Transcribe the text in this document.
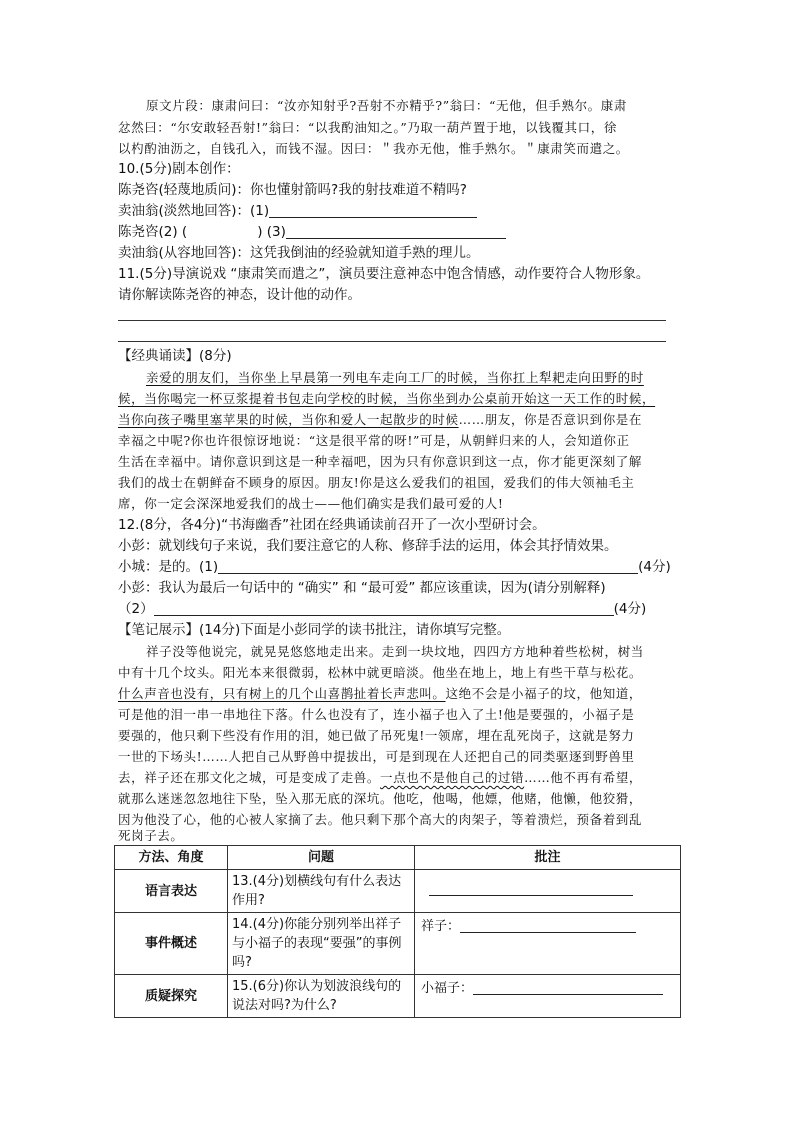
原文片段：康肃问曰：“汝亦知射乎?吾射不亦精乎?”翁曰：“无他，但手熟尔。康肃
忿然曰：“尔安敢轻吾射!”翁曰：“以我酌油知之。”乃取一葫芦置于地，以钱覆其口，徐
以杓酌油沥之，自钱孔入，而钱不湿。因曰：＂我亦无他，惟手熟尔。＂康肃笑而遣之。
10.(5分)剧本创作：
陈尧咨(轻蔑地质问)：你也懂射箭吗?我的射技难道不精吗?
卖油翁(淡然地回答)：(1)
陈尧咨(2) (	) (3)
卖油翁(从容地回答)：这凭我倒油的经验就知道手熟的理儿。
11.(5分)导演说戏 “康肃笑而遣之”，演员要注意神态中饱含情感，动作要符合人物形象。
请你解读陈尧咨的神态，设计他的动作。
【经典诵读】(8分)
亲爱的朋友们，当你坐上早晨第一列电车走向工厂的时候，当你扛上犁耙走向田野的时
候，当你喝完一杯豆浆提着书包走向学校的时候，当你坐到办公桌前开始这一天工作的时候，
当你向孩子嘴里塞苹果的时候，当你和爱人一起散步的时候……朋友，你是否意识到你是在
幸福之中呢?你也许很惊讶地说：“这是很平常的呀!”可是，从朝鲜归来的人，会知道你正
生活在幸福中。请你意识到这是一种幸福吧，因为只有你意识到这一点，你才能更深刻了解
我们的战士在朝鲜奋不顾身的原因。朋友!你是这么爱我们的祖国，爱我们的伟大领袖毛主
席，你一定会深深地爱我们的战士——他们确实是我们最可爱的人!
12.(8分，各4分)“书海幽香”社团在经典诵读前召开了一次小型研讨会。
小彭：就划线句子来说，我们要注意它的人称、修辞手法的运用，体会其抒情效果。
小城：是的。(1)	(4分)
小彭：我认为最后一句话中的 “确实” 和 “最可爱” 都应该重读，因为(请分别解释)
（2）	(4分)
【笔记展示】(14分)下面是小彭同学的读书批注，请你填写完整。
祥子没等他说完，就晃晃悠悠地走出来。走到一块坟地，四四方方地种着些松树，树当
中有十几个坟头。阳光本来很微弱，松林中就更暗淡。他坐在地上，地上有些干草与松花。
什么声音也没有，只有树上的几个山喜鹊扯着长声悲叫。这绝不会是小福子的坟，他知道，
可是他的泪一串一串地往下落。什么也没有了，连小福子也入了土!他是要强的，小福子是
要强的，他只剩下些没有作用的泪，她已做了吊死鬼!一领席，埋在乱死岗子，这就是努力
一世的下场头!……人把自己从野兽中提拔出，可是到现在人还把自己的同类驱逐到野兽里
去，祥子还在那文化之城，可是变成了走兽。一点也不是他自己的过错……他不再有希望，
就那么迷迷忽忽地往下坠，坠入那无底的深坑。他吃，他喝，他嫖，他赌，他懒，他狡猾，
因为他没了心，他的心被人家摘了去。他只剩下那个高大的肉架子，等着溃烂，预备着到乱
死岗子去。
方法、角度	问题	批注
语言表达	13.(4分)划横线句有什么表达作用?	

事件概述	14.(4分)你能分别列举出祥子与小福子的表现“要强”的事例吗?	祥子：

质疑探究	15.(6分)你认为划波浪线句的说法对吗?为什么?	小福子：
